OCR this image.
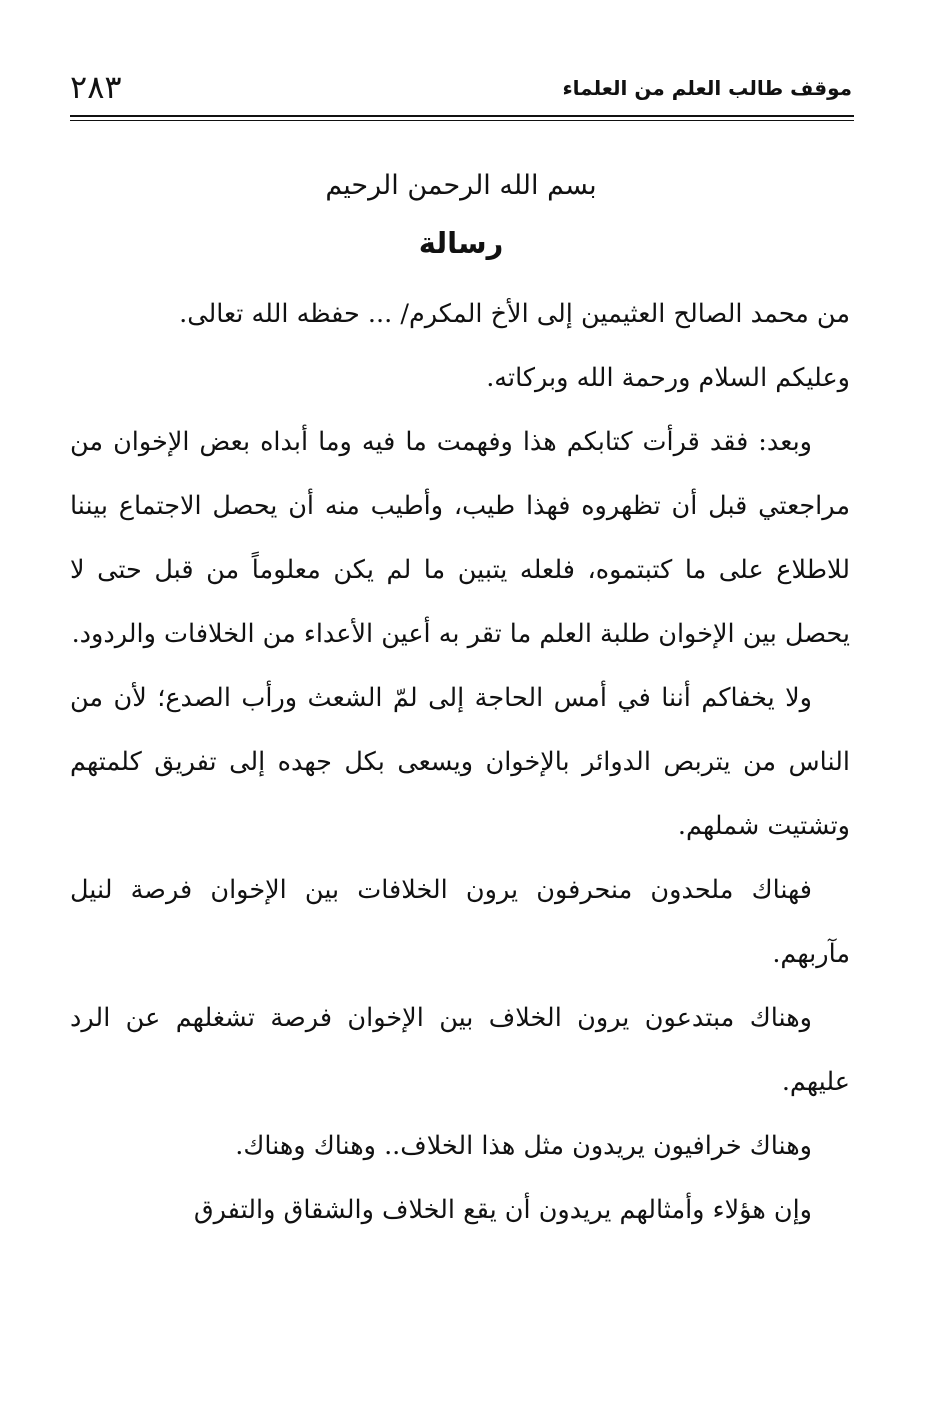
موقف طالب العلم من العلماء
٢٨٣
بسم الله الرحمن الرحيم
رسالة

من محمد الصالح العثيمين إلى الأخ المكرم/ ... حفظه الله تعالى.

وعليكم السلام ورحمة الله وبركاته.

وبعد: فقد قرأت كتابكم هذا وفهمت ما فيه وما أبداه بعض الإخوان من مراجعتي قبل أن تظهروه فهذا طيب، وأطيب منه أن يحصل الاجتماع بيننا للاطلاع على ما كتبتموه، فلعله يتبين ما لم يكن معلوماً من قبل حتى لا يحصل بين الإخوان طلبة العلم ما تقر به أعين الأعداء من الخلافات والردود.

ولا يخفاكم أننا في أمس الحاجة إلى لمّ الشعث ورأب الصدع؛ لأن من الناس من يتربص الدوائر بالإخوان ويسعى بكل جهده إلى تفريق كلمتهم وتشتيت شملهم.

فهناك ملحدون منحرفون يرون الخلافات بين الإخوان فرصة لنيل مآربهم.

وهناك مبتدعون يرون الخلاف بين الإخوان فرصة تشغلهم عن الرد عليهم.

وهناك خرافيون يريدون مثل هذا الخلاف.. وهناك وهناك.

وإن هؤلاء وأمثالهم يريدون أن يقع الخلاف والشقاق والتفرق
